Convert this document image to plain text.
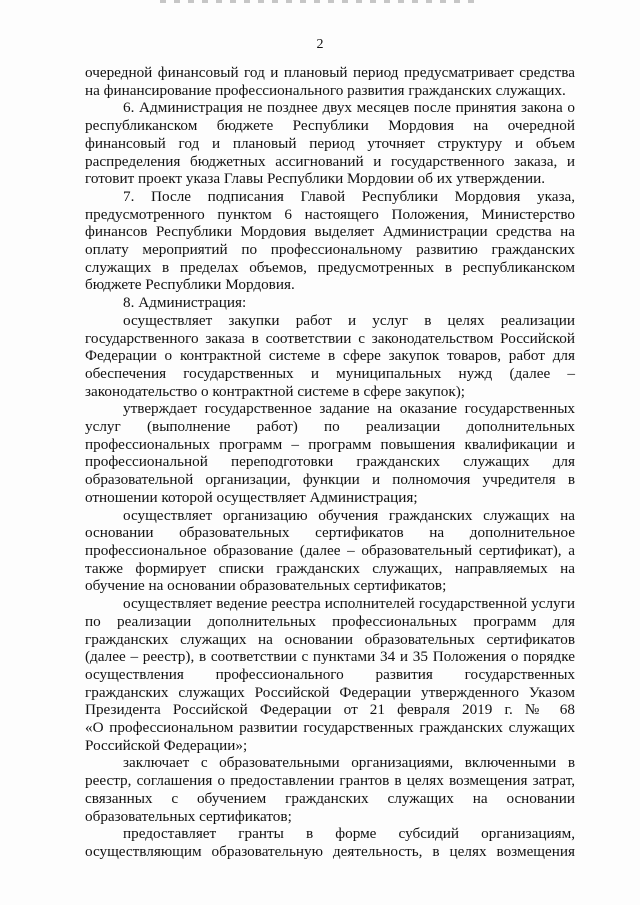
2
очередной финансовый год и плановый период предусматривает средства
на финансирование профессионального развития гражданских служащих.
6. Администрация не позднее двух месяцев после принятия закона о
республиканском бюджете Республики Мордовия на очередной
финансовый год и плановый период уточняет структуру и объем
распределения бюджетных ассигнований и государственного заказа, и
готовит проект указа Главы Республики Мордовии об их утверждении.
7. После подписания Главой Республики Мордовия указа,
предусмотренного пунктом 6 настоящего Положения, Министерство
финансов Республики Мордовия выделяет Администрации средства на
оплату мероприятий по профессиональному развитию гражданских
служащих в пределах объемов, предусмотренных в республиканском
бюджете Республики Мордовия.
8. Администрация:
осуществляет закупки работ и услуг в целях реализации
государственного заказа в соответствии с законодательством Российской
Федерации о контрактной системе в сфере закупок товаров, работ для
обеспечения государственных и муниципальных нужд (далее –
законодательство о контрактной системе в сфере закупок);
утверждает государственное задание на оказание государственных
услуг (выполнение работ) по реализации дополнительных
профессиональных программ – программ повышения квалификации и
профессиональной переподготовки гражданских служащих для
образовательной организации, функции и полномочия учредителя в
отношении которой осуществляет Администрация;
осуществляет организацию обучения гражданских служащих на
основании образовательных сертификатов на дополнительное
профессиональное образование (далее – образовательный сертификат), а
также формирует списки гражданских служащих, направляемых на
обучение на основании образовательных сертификатов;
осуществляет ведение реестра исполнителей государственной услуги
по реализации дополнительных профессиональных программ для
гражданских служащих на основании образовательных сертификатов
(далее – реестр), в соответствии с пунктами 34 и 35 Положения о порядке
осуществления профессионального развития государственных
гражданских служащих Российской Федерации утвержденного Указом
Президента Российской Федерации от 21 февраля 2019 г. № 68
«О профессиональном развитии государственных гражданских служащих
Российской Федерации»;
заключает с образовательными организациями, включенными в
реестр, соглашения о предоставлении грантов в целях возмещения затрат,
связанных с обучением гражданских служащих на основании
образовательных сертификатов;
предоставляет гранты в форме субсидий организациям,
осуществляющим образовательную деятельность, в целях возмещения
